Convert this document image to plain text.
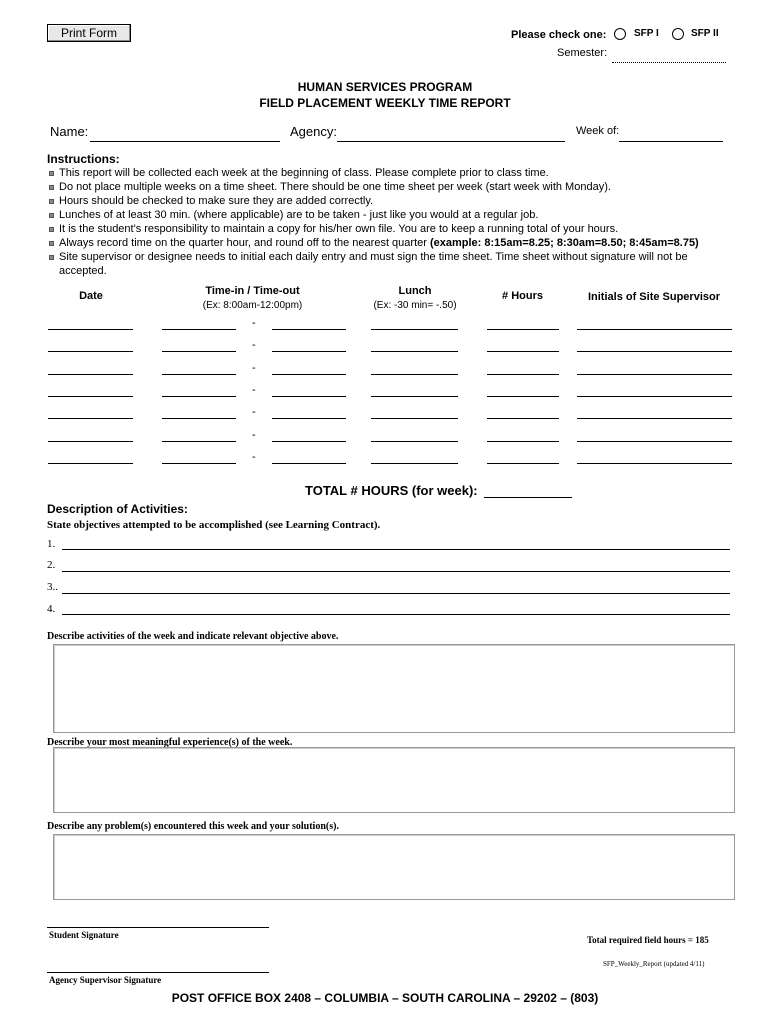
Print Form	Please check one:	SFP I	SFP II
Semester:
HUMAN SERVICES PROGRAM
FIELD PLACEMENT WEEKLY TIME REPORT
Name:	Agency:	Week of:
Instructions:
This report will be collected each week at the beginning of class. Please complete prior to class time.
Do not place multiple weeks on a time sheet. There should be one time sheet per week (start week with Monday).
Hours should be checked to make sure they are added correctly.
Lunches of at least 30 min. (where applicable) are to be taken - just like you would at a regular job.
It is the student's responsibility to maintain a copy for his/her own file. You are to keep a running total of your hours.
Always record time on the quarter hour, and round off to the nearest quarter (example: 8:15am=8.25; 8:30am=8.50; 8:45am=8.75)
Site supervisor or designee needs to initial each daily entry and must sign the time sheet. Time sheet without signature will not be accepted.
Date	Time-in / Time-out
(Ex: 8:00am-12:00pm)
Lunch
(Ex: -30 min= -.50)
# Hours	Initials of Site Supervisor
-
-
-
-
-
-
-
TOTAL # HOURS (for week):
Description of Activities:
State objectives attempted to be accomplished (see Learning Contract).
1.
2.
3..
4.
Describe activities of the week and indicate relevant objective above.
Describe your most meaningful experience(s) of the week.
Describe any problem(s) encountered this week and your solution(s).
Student Signature	Total required field hours = 185
SFP_Weekly_Report (updated 4/11)
Agency Supervisor Signature
POST OFFICE BOX 2408 – COLUMBIA – SOUTH CAROLINA – 29202 – (803)
